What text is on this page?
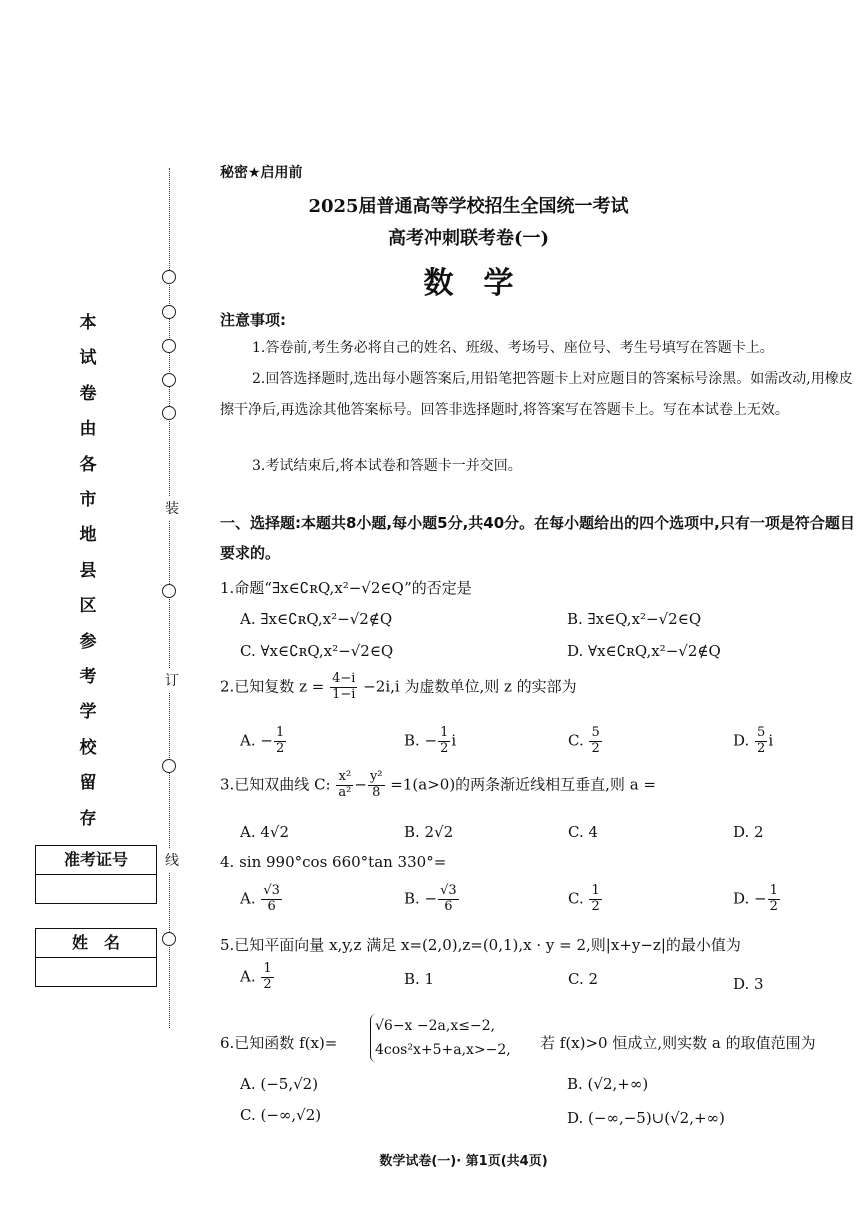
装
订
线
本试卷由各市地县区参考学校留存
准考证号
姓　名
秘密★启用前
2025届普通高等学校招生全国统一考试
高考冲刺联考卷(一)
数学
注意事项:
1.答卷前,考生务必将自己的姓名、班级、考场号、座位号、考生号填写在答题卡上。
2.回答选择题时,选出每小题答案后,用铅笔把答题卡上对应题目的答案标号涂黑。如需改动,用橡皮擦干净后,再选涂其他答案标号。回答非选择题时,将答案写在答题卡上。写在本试卷上无效。
3.考试结束后,将本试卷和答题卡一并交回。
一、选择题:本题共8小题,每小题5分,共40分。在每小题给出的四个选项中,只有一项是符合题目要求的。
1.命题“∃x∈∁ʀQ,x²−√2∈Q”的否定是
A. ∃x∈∁ʀQ,x²−√2∉Q	B. ∃x∈Q,x²−√2∈Q
C. ∀x∈∁ʀQ,x²−√2∈Q	D. ∀x∈∁ʀQ,x²−√2∉Q
2.已知复数 $z = \frac{4-i}{1-i} -2i,i$ 为虚数单位,则 z 的实部为
A. − $\frac{1}{2}$	B. − $\frac{1}{2}$ i	C. $\frac{5}{2}$	D. $\frac{5}{2}$ i
3.已知双曲线 C: $\frac{\text{x²}}{\text{a²}} - \frac{\text{y²}}{8} =1(a>0)$的两条渐近线相互垂直,则 a =
A. 4√2	B. 2√2	C. 4	D. 2
4. sin 990°cos 660°tan 330°=
A. $\frac{√3}{6}$	B. − $\frac{√3}{6}$	C. $\frac{1}{2}$	D. − $\frac{1}{2}$
5.已知平面向量 x,y,z 满足 x=(2,0),z=(0,1),x · y = 2,则|x+y−z|的最小值为
A. $\frac{1}{2}$	B. 1	C. 2	D. 3
6.已知函数 f(x)=
√6−x −2a,x≤−2,
4cos²x+5+a,x>−2, 若 f(x)>0 恒成立,则实数 a 的取值范围为
A. (−5,√2)	B. (√2,+∞)
C. (−∞,√2)	D. (−∞,−5)∪(√2,+∞)
数学试卷(一)· 第1页(共4页)
